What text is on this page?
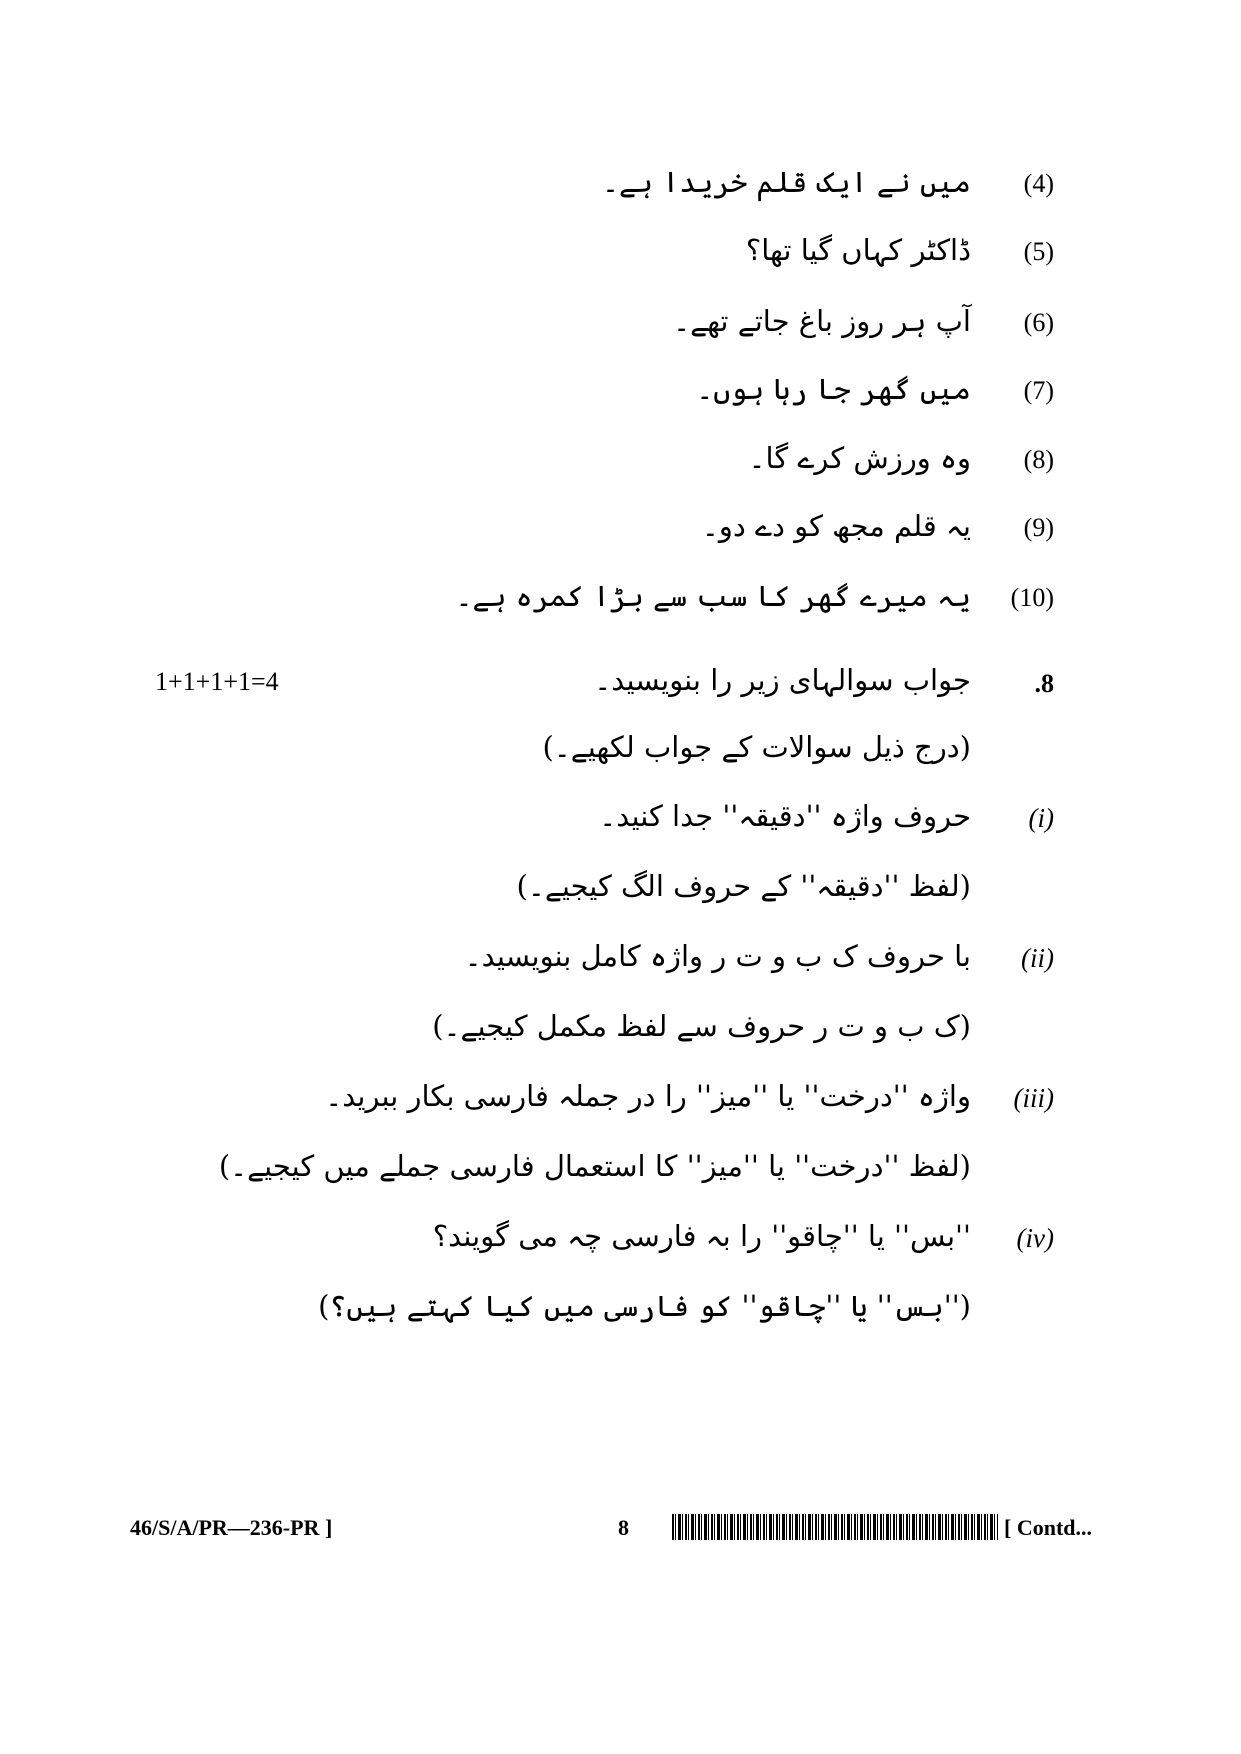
(4)
میں نے ایک قلم خریدا ہے۔
(5)
ڈاکٹر کہاں گیا تھا؟
(6)
آپ ہر روز باغ جاتے تھے۔
(7)
میں گھر جا رہا ہوں۔
(8)
وہ ورزش کرے گا۔
(9)
یہ قلم مجھ کو دے دو۔
(10)
یہ میرے گھر کا سب سے بڑا کمرہ ہے۔
1+1+1+1=4	.8
جواب سوالہای زیر را بنویسید۔
(درج ذیل سوالات کے جواب لکھیے۔)
(i)
حروف واژہ ''دقیقہ'' جدا کنید۔
(لفظ ''دقیقہ'' کے حروف الگ کیجیے۔)
(ii)
با حروف ک ب و ت ر واژہ کامل بنویسید۔
(ک ب و ت ر حروف سے لفظ مکمل کیجیے۔)
(iii)
واژہ ''درخت'' یا ''میز'' را در جملہ فارسی بکار ببرید۔
(لفظ ''درخت'' یا ''میز'' کا استعمال فارسی جملے میں کیجیے۔)
(iv)
''بس'' یا ''چاقو'' را بہ فارسی چہ می گویند؟
(''بس'' یا ''چاقو'' کو فارسی میں کیا کہتے ہیں؟)
46/S/A/PR—236-PR ]	8	[ Contd...
